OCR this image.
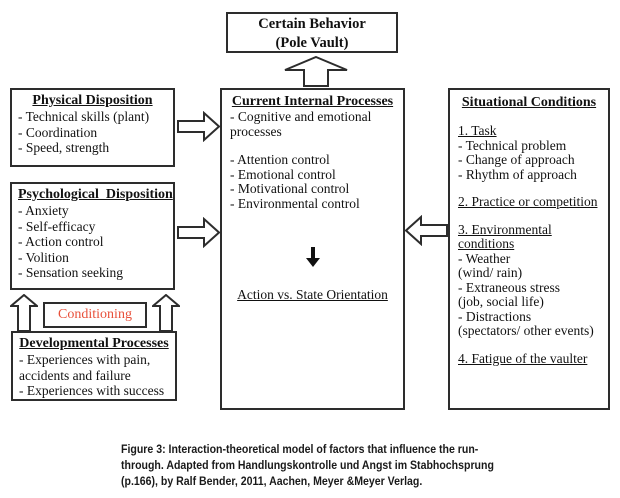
Certain Behavior
(Pole Vault)
Physical Disposition
- Technical skills (plant)
- Coordination
- Speed, strength
Psychological  Disposition
- Anxiety
- Self-efficacy
- Action control
- Volition
- Sensation seeking
Conditioning
Developmental Processes
- Experiences with pain,
accidents and failure
- Experiences with success
Current Internal Processes
- Cognitive and emotional processes
- Attention control
- Emotional control
- Motivational control
- Environmental control
Action vs. State Orientation
Situational Conditions
1. Task
- Technical problem
- Change of approach
- Rhythm of approach
2. Practice or competition
3. Environmental
conditions
- Weather
(wind/ rain)
- Extraneous stress
(job, social life)
- Distractions
(spectators/ other events)
4. Fatigue of the vaulter
Figure 3: Interaction-theoretical model of factors that influence the run-
through. Adapted from Handlungskontrolle und Angst im Stabhochsprung
(p.166), by Ralf Bender, 2011, Aachen, Meyer &Meyer Verlag.
